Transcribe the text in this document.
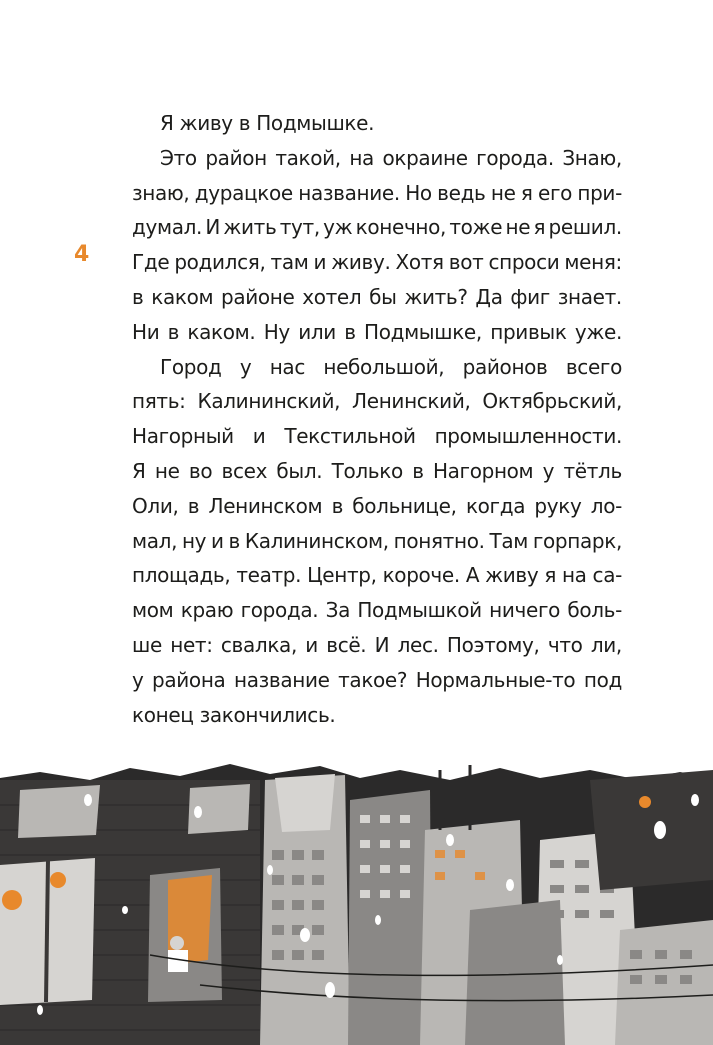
4
Я живу в Подмышке.
Это район такой, на окраине города. Знаю,
знаю, дурацкое название. Но ведь не я его при-
думал. И жить тут, уж конечно, тоже не я решил.
Где родился, там и живу. Хотя вот спроси меня:
в каком районе хотел бы жить? Да фиг знает.
Ни в каком. Ну или в Подмышке, привык уже.
Город у нас небольшой, районов всего
пять: Калининский, Ленинский, Октябрьский,
Нагорный и Текстильной промышленности.
Я не во всех был. Только в Нагорном у тётль
Оли, в Ленинском в больнице, когда руку ло-
мал, ну и в Калининском, понятно. Там горпарк,
площадь, театр. Центр, короче. А живу я на са-
мом краю города. За Подмышкой ничего боль-
ше нет: свалка, и всё. И лес. Поэтому, что ли,
у района название такое? Нормальные-то под
конец закончились.
